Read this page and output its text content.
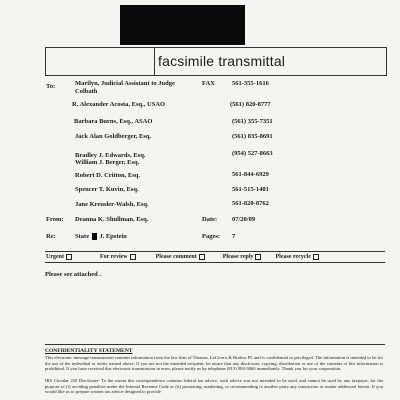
facsimile transmittal
To:	FAX
Marilyn, Judicial Assistant to Judge
Colbath
561-355-1616
R. Alexander Acosta, Esq., USAO	(561) 820-8777
Barbara Burns, Esq., ASAO	(561) 355-7351
Jack Alan Goldberger, Esq.	(561) 835-8691
Bradley J. Edwards, Esq.
William J. Berger, Esq.
(954) 527-8663
Robert D. Critton, Esq.	561-844-6929
Spencer T. Kuvin, Esq.	561-515-1401
Jane Kreusler-Walsh, Esq.	561-820-8762
From: Deanna K. Shullman, Esq.	Date: 07/20/09
Re:	State J. Epstein	Pages: 7
Urgent	For review	Please comment	Please reply	Please recycle
Please see attached .
CONFIDENTIALITY STATEMENT
This electronic message transmission contains information from the law firm of Thomas, LoCicero & Bralow PL and is confidential or privileged. The information is intended to be for the use of the individual or entity named above. If you are not the intended recipient, be aware that any disclosure, copying, distribution or use of the contents of this information is prohibited. If you have received this electronic transmission in error, please notify us by telephone (813) 984-3060 immediately. Thank you for your cooperation.
IRS Circular 230 Disclosure. To the extent this correspondence contains federal tax advice, such advice was not intended to be used, and cannot be used by any taxpayer, for the purpose of (i) avoiding penalties under the Internal Revenue Code or (ii) promoting, marketing, or recommending to another party any transaction or matter addressed herein. If you would like us to prepare written tax advice designed to provide
